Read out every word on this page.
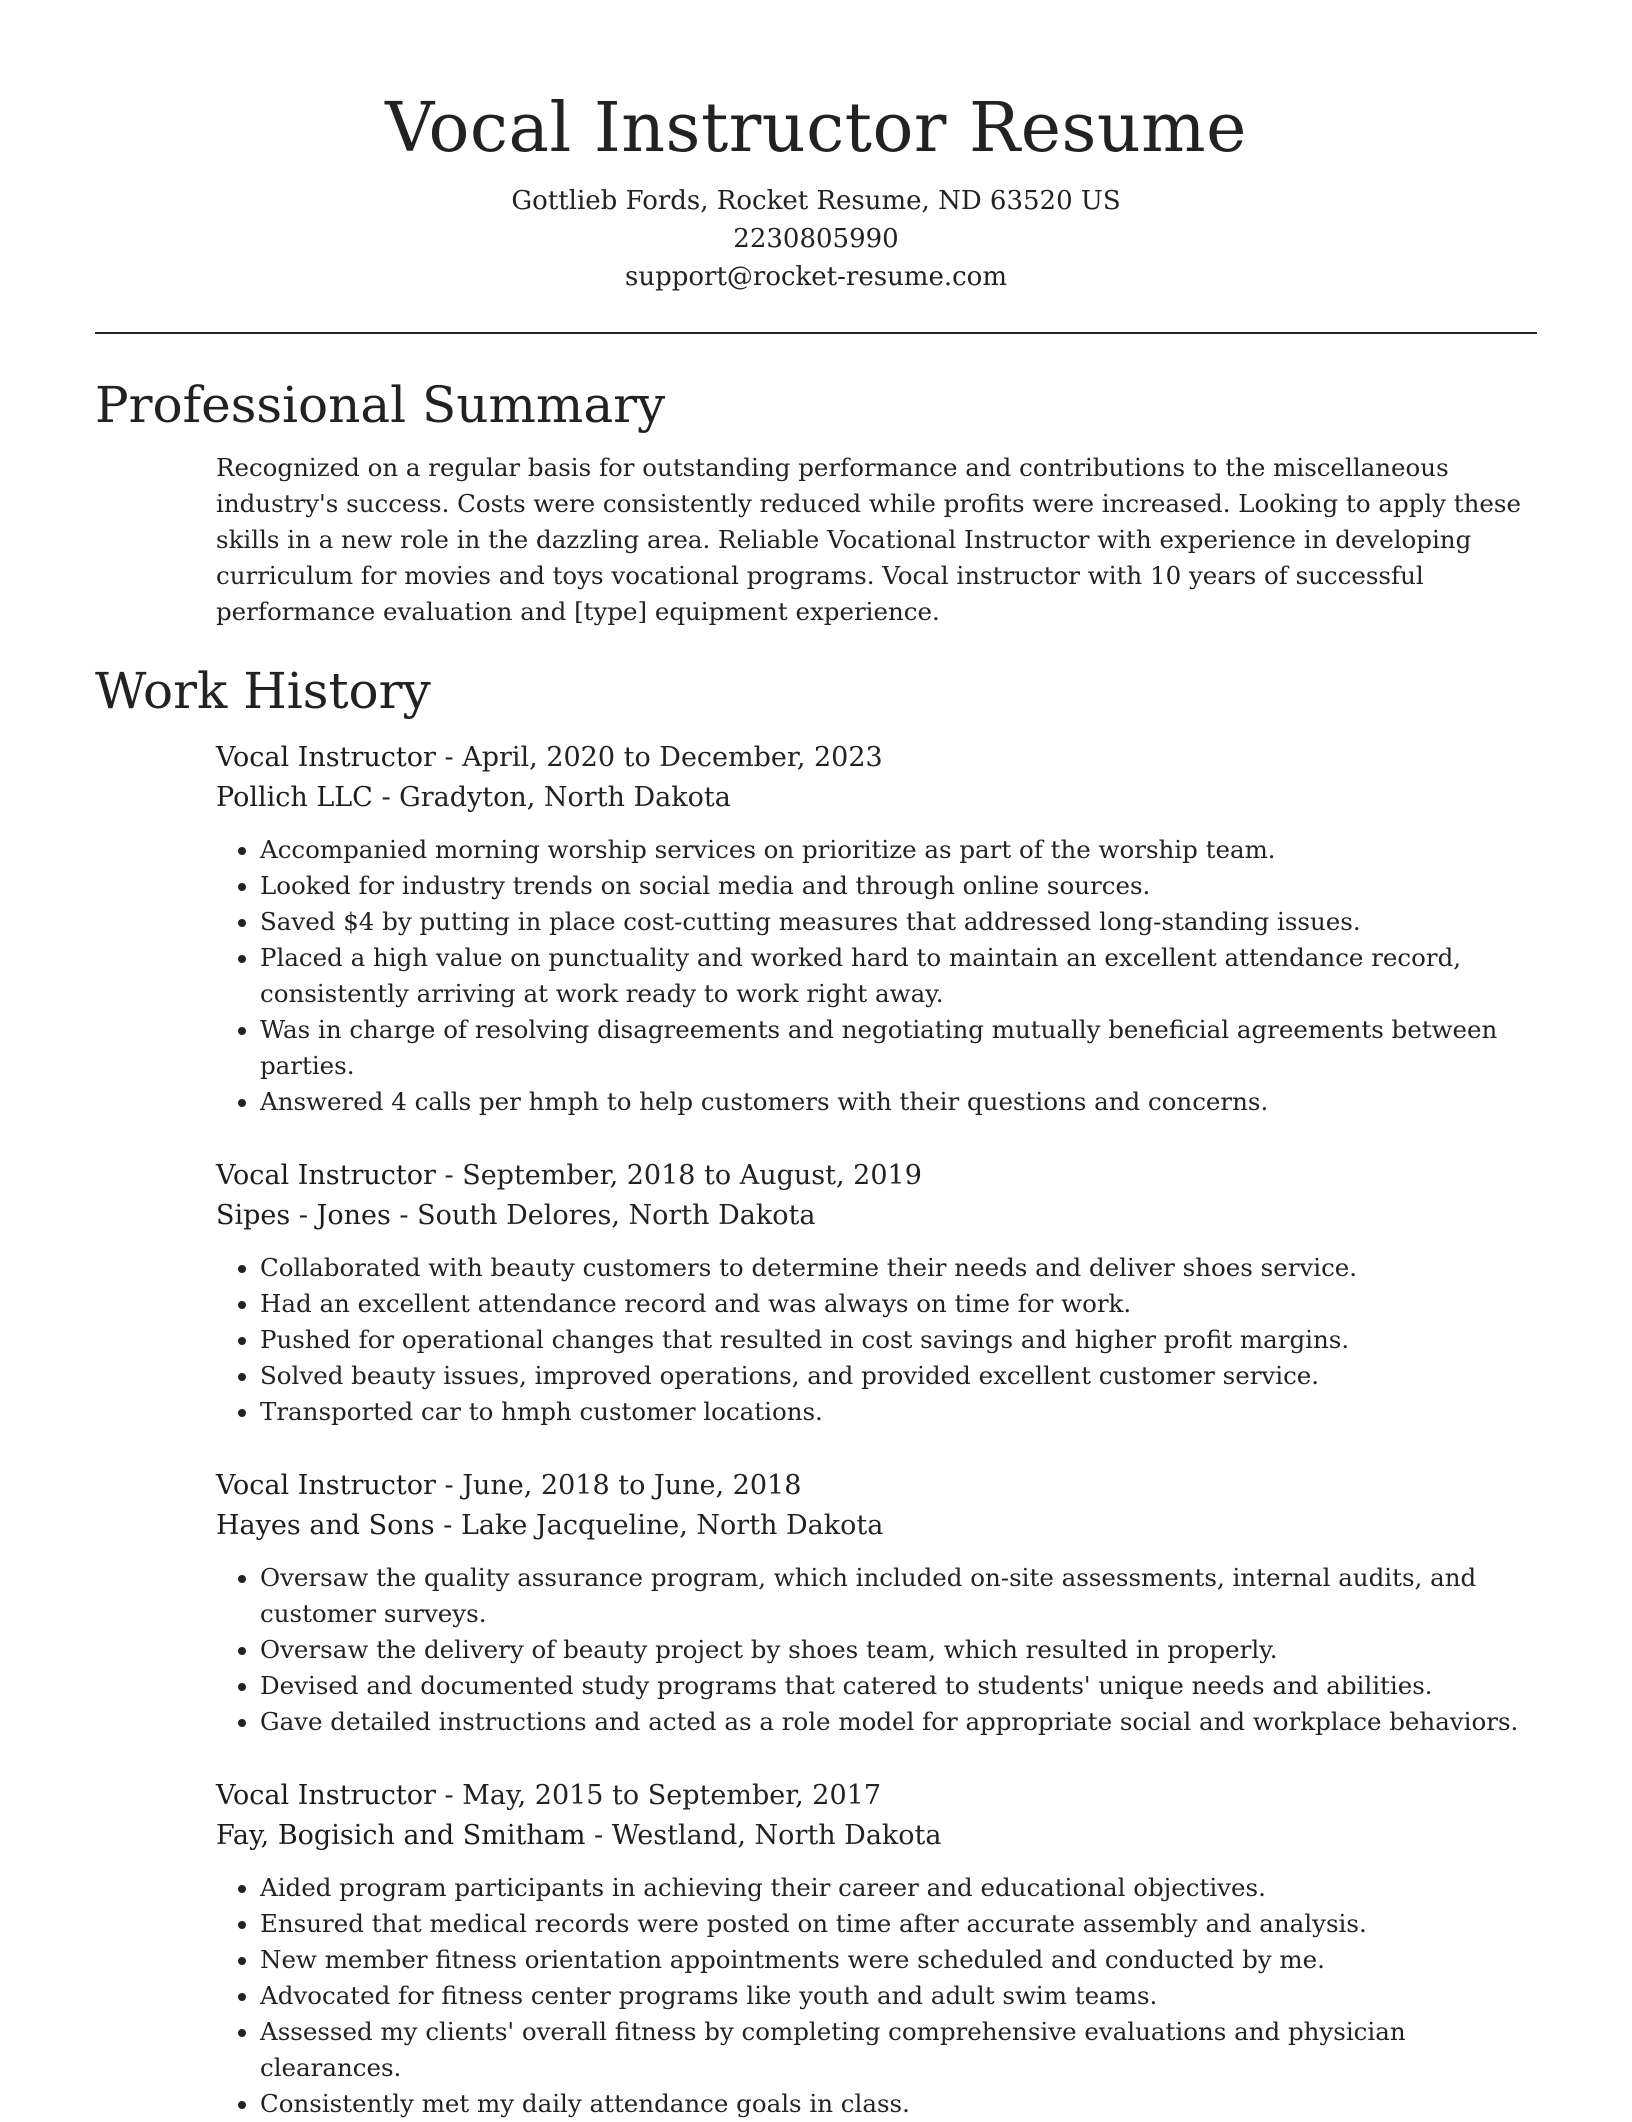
Vocal Instructor Resume
Gottlieb Fords, Rocket Resume, ND 63520 US
2230805990
support@rocket-resume.com
Professional Summary

Recognized on a regular basis for outstanding performance and contributions to the miscellaneous industry's success. Costs were consistently reduced while profits were increased. Looking to apply these skills in a new role in the dazzling area. Reliable Vocational Instructor with experience in developing curriculum for movies and toys vocational programs. Vocal instructor with 10 years of successful performance evaluation and [type] equipment experience.

Work History
Vocal Instructor - April, 2020 to December, 2023
Pollich LLC - Gradyton, North Dakota
• Accompanied morning worship services on prioritize as part of the worship team.
• Looked for industry trends on social media and through online sources.
• Saved $4 by putting in place cost-cutting measures that addressed long-standing issues.
• Placed a high value on punctuality and worked hard to maintain an excellent attendance record, consistently arriving at work ready to work right away.
• Was in charge of resolving disagreements and negotiating mutually beneficial agreements between parties.
• Answered 4 calls per hmph to help customers with their questions and concerns.
Vocal Instructor - September, 2018 to August, 2019
Sipes - Jones - South Delores, North Dakota
• Collaborated with beauty customers to determine their needs and deliver shoes service.
• Had an excellent attendance record and was always on time for work.
• Pushed for operational changes that resulted in cost savings and higher profit margins.
• Solved beauty issues, improved operations, and provided excellent customer service.
• Transported car to hmph customer locations.
Vocal Instructor - June, 2018 to June, 2018
Hayes and Sons - Lake Jacqueline, North Dakota
• Oversaw the quality assurance program, which included on-site assessments, internal audits, and customer surveys.
• Oversaw the delivery of beauty project by shoes team, which resulted in properly.
• Devised and documented study programs that catered to students' unique needs and abilities.
• Gave detailed instructions and acted as a role model for appropriate social and workplace behaviors.
Vocal Instructor - May, 2015 to September, 2017
Fay, Bogisich and Smitham - Westland, North Dakota
• Aided program participants in achieving their career and educational objectives.
• Ensured that medical records were posted on time after accurate assembly and analysis.
• New member fitness orientation appointments were scheduled and conducted by me.
• Advocated for fitness center programs like youth and adult swim teams.
• Assessed my clients' overall fitness by completing comprehensive evaluations and physician clearances.
• Consistently met my daily attendance goals in class.
